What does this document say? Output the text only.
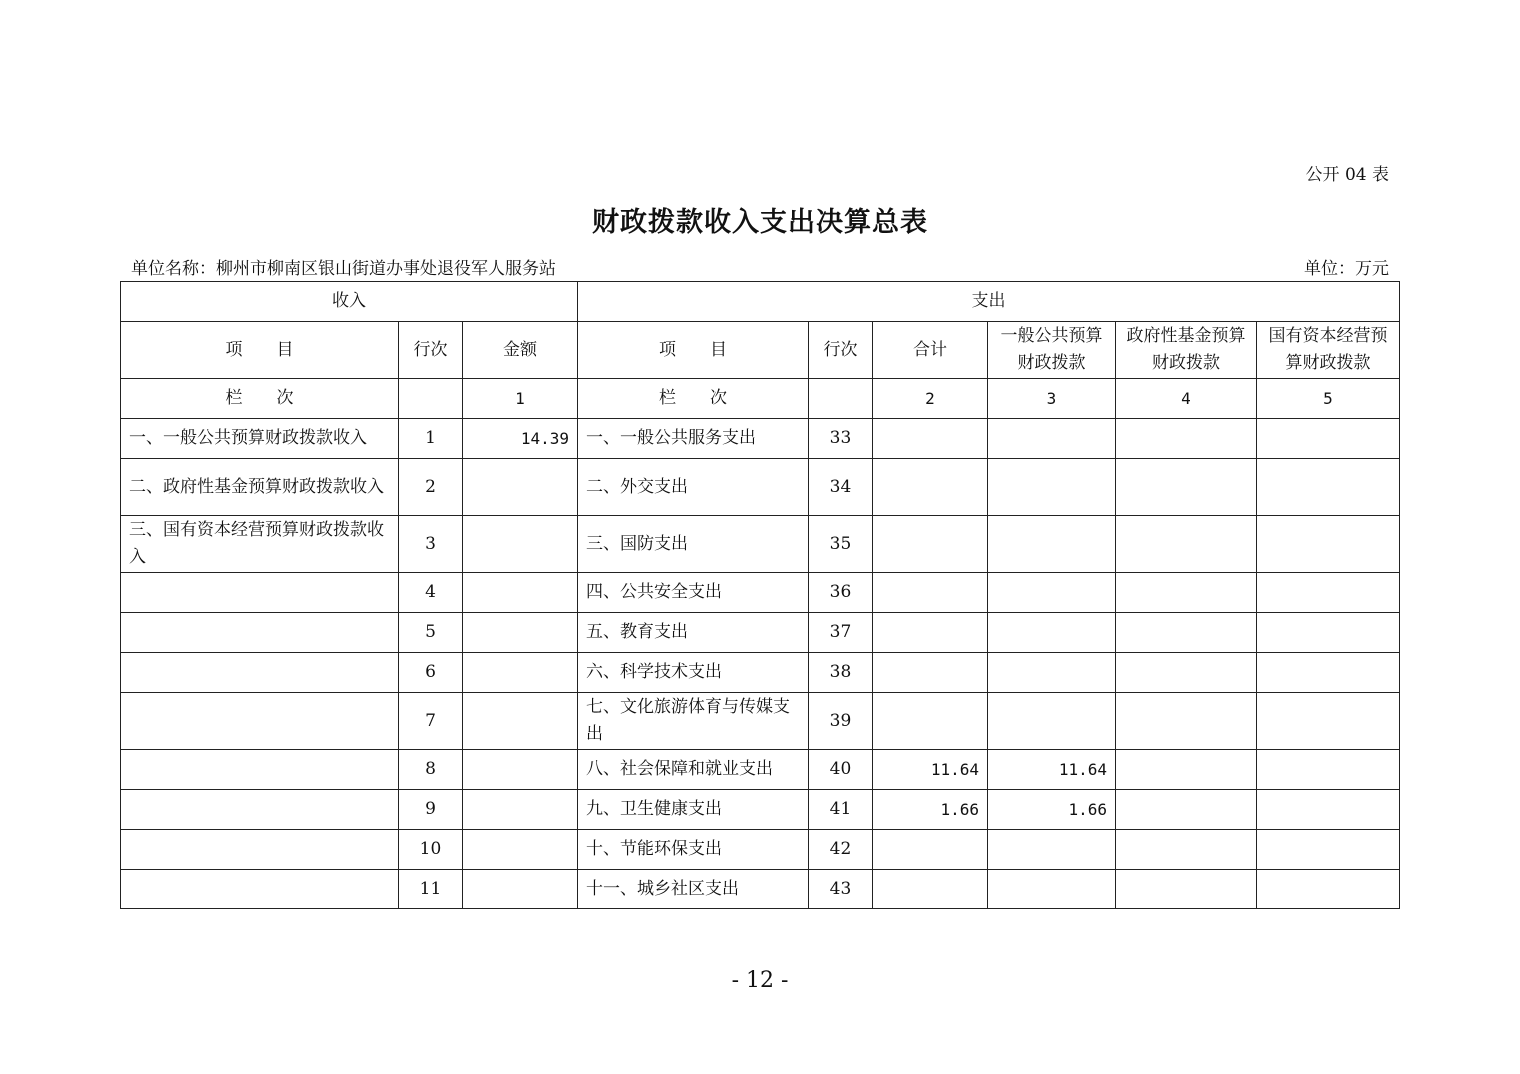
公开 04 表
财政拨款收入支出决算总表
单位名称：柳州市柳南区银山街道办事处退役军人服务站	单位：万元
收入			支出					
项　　目	行次	金额	项　　目	行次	合计	一般公共预算财政拨款	政府性基金预算财政拨款	国有资本经营预算财政拨款
栏　　次		1	栏　　次		2	3	4	5
一、一般公共预算财政拨款收入	1	14.39	一、一般公共服务支出	33				
二、政府性基金预算财政拨款收入	2		二、外交支出	34				
三、国有资本经营预算财政拨款收入	3		三、国防支出	35				
	4		四、公共安全支出	36				
	5		五、教育支出	37				
	6		六、科学技术支出	38				
	7		七、文化旅游体育与传媒支出	39				
	8		八、社会保障和就业支出	40	11.64	11.64		
	9		九、卫生健康支出	41	1.66	1.66		
	10		十、节能环保支出	42				
	11		十一、城乡社区支出	43				
- 12 -
